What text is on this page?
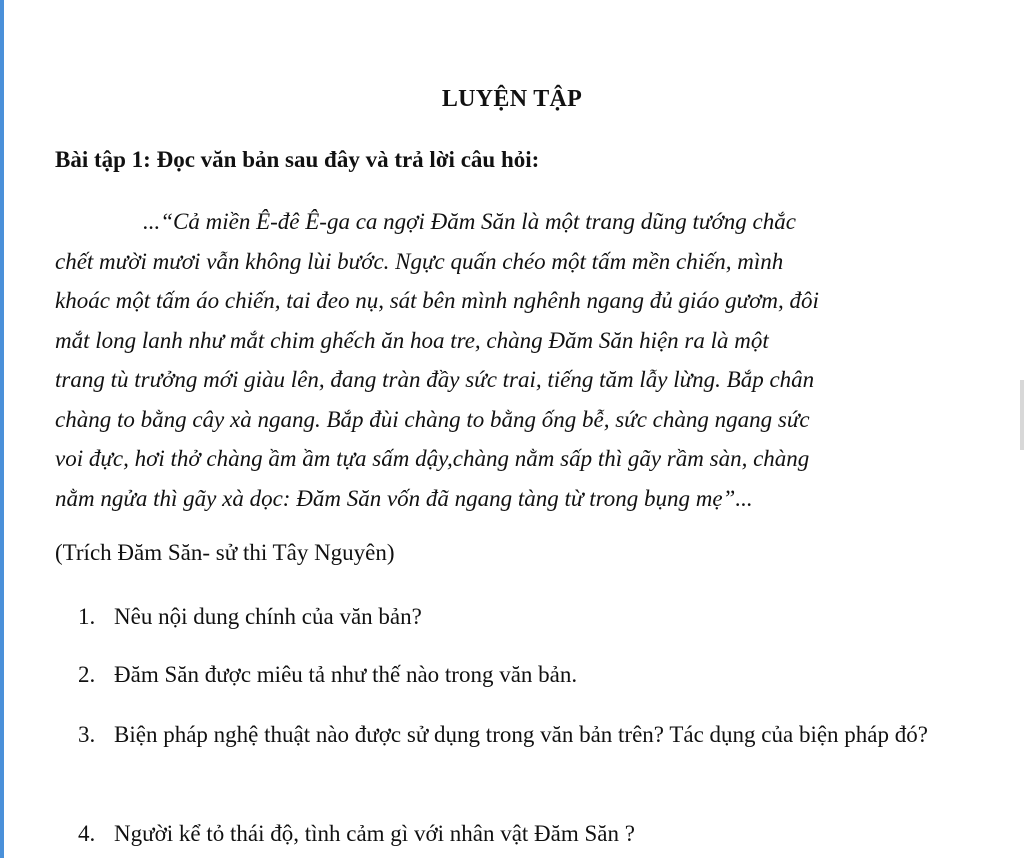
LUYỆN TẬP

Bài tập 1: Đọc văn bản sau đây và trả lời câu hỏi:

...“Cả miền Ê-đê Ê-ga ca ngợi Đăm Săn là một trang dũng tướng chắc
chết mười mươi vẫn không lùi bước. Ngực quấn chéo một tấm mền chiến, mình
khoác một tấm áo chiến, tai đeo nụ, sát bên mình nghênh ngang đủ giáo gươm, đôi
mắt long lanh như mắt chim ghếch ăn hoa tre, chàng Đăm Săn hiện ra là một
trang tù trưởng mới giàu lên, đang tràn đầy sức trai, tiếng tăm lẫy lừng. Bắp chân
chàng to bằng cây xà ngang. Bắp đùi chàng to bằng ống bễ, sức chàng ngang sức
voi đực, hơi thở chàng ầm ầm tựa sấm dậy,chàng nằm sấp thì gãy rầm sàn, chàng
nằm ngửa thì gãy xà dọc: Đăm Săn vốn đã ngang tàng từ trong bụng mẹ”...

(Trích Đăm Săn- sử thi Tây Nguyên)

1. Nêu nội dung chính của văn bản?
2. Đăm Săn được miêu tả như thế nào trong văn bản.
3. Biện pháp nghệ thuật nào được sử dụng trong văn bản trên? Tác dụng của biện pháp đó?
4. Người kể tỏ thái độ, tình cảm gì với nhân vật Đăm Săn ?
